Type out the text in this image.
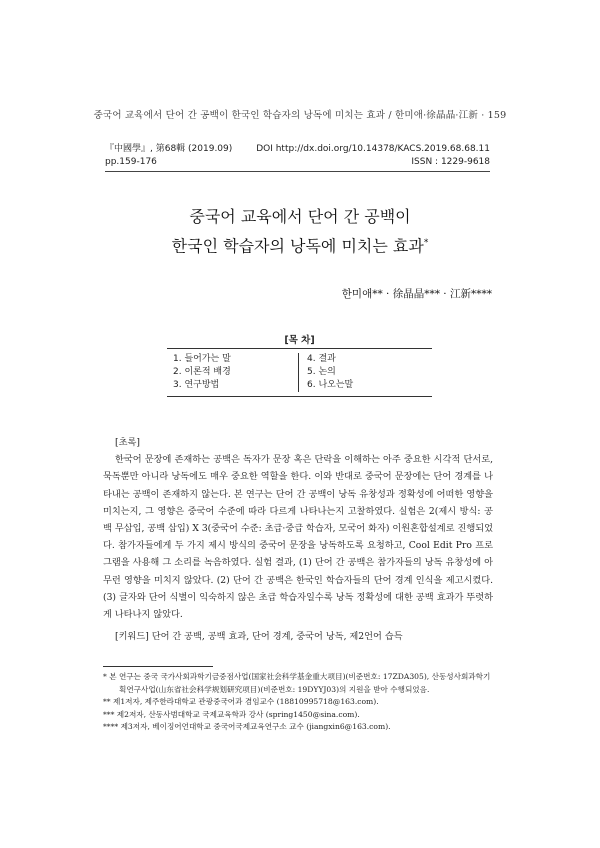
중국어 교육에서 단어 간 공백이 한국인 학습자의 낭독에 미치는 효과 / 한미애·徐晶晶·江新 · 159
『中國學』, 第68輯 (2019.09)	DOI http://dx.doi.org/10.14378/KACS.2019.68.68.11
pp.159-176	ISSN : 1229-9618
중국어 교육에서 단어 간 공백이
한국인 학습자의 낭독에 미치는 효과*
한미애** · 徐晶晶*** · 江新****
[목 차]
1. 들어가는 말
2. 이론적 배경
3. 연구방법
4. 결과
5. 논의
6. 나오는말
[초록]

한국어 문장에 존재하는 공백은 독자가 문장 혹은 단락을 이해하는 아주 중요한 시각적 단서로, 묵독뿐만 아니라 낭독에도 매우 중요한 역할을 한다. 이와 반대로 중국어 문장에는 단어 경계를 나타내는 공백이 존재하지 않는다. 본 연구는 단어 간 공백이 낭독 유창성과 정확성에 어떠한 영향을 미치는지, 그 영향은 중국어 수준에 따라 다르게 나타나는지 고찰하였다. 실험은 2(제시 방식: 공백 무삽입, 공백 삽입) X 3(중국어 수준: 초급·중급 학습자, 모국어 화자) 이원혼합설계로 진행되었다. 참가자들에게 두 가지 제시 방식의 중국어 문장을 낭독하도록 요청하고, Cool Edit Pro 프로그램을 사용해 그 소리를 녹음하였다. 실험 결과, (1) 단어 간 공백은 참가자들의 낭독 유창성에 아무런 영향을 미치지 않았다. (2) 단어 간 공백은 한국인 학습자들의 단어 경계 인식을 제고시켰다. (3) 글자와 단어 식별이 익숙하지 않은 초급 학습자일수록 낭독 정확성에 대한 공백 효과가 뚜렷하게 나타나지 않았다.

[키워드] 단어 간 공백, 공백 효과, 단어 경계, 중국어 낭독, 제2언어 습득
* 본 연구는 중국 국가사회과학기금중점사업(国家社会科学基金重大项目)(비준번호: 17ZDA305), 산동성사회과학기획연구사업(山东省社会科学规划研究项目)(비준번호: 19DYYJ03)의 지원을 받아 수행되었음.
** 제1저자, 제주한라대학교 관광중국어과 겸임교수 (18810995718@163.com).
*** 제2저자, 산동사범대학교 국제교육학과 강사 (spring1450@sina.com).
**** 제3저자, 베이징어언대학교 중국어국제교육연구소 교수 (jiangxin6@163.com).
